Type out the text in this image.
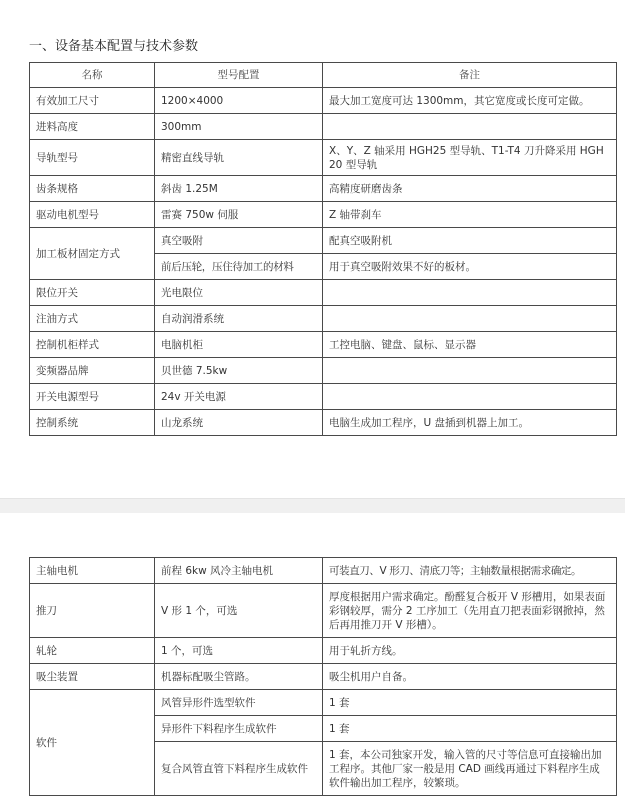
一、设备基本配置与技术参数
名称	型号配置	备注
有效加工尺寸	1200×4000	最大加工宽度可达 1300mm，其它宽度或长度可定做。
进料高度	300mm	
导轨型号	精密直线导轨	X、Y、Z 轴采用 HGH25 型导轨、T1-T4 刀升降采用 HGH20 型导轨
齿条规格	斜齿 1.25M	高精度研磨齿条
驱动电机型号	雷赛 750w 伺服	Z 轴带刹车
加工板材固定方式	真空吸附	配真空吸附机
	前后压轮，压住待加工的材料	用于真空吸附效果不好的板材。
限位开关	光电限位	
注油方式	自动润滑系统	
控制机柜样式	电脑机柜	工控电脑、键盘、鼠标、显示器
变频器品牌	贝世德 7.5kw	
开关电源型号	24v 开关电源	
控制系统	山龙系统	电脑生成加工程序，U 盘插到机器上加工。
主轴电机	前程 6kw 风冷主轴电机	可装直刀、V 形刀、清底刀等；主轴数量根据需求确定。
推刀	V 形 1 个，可选	厚度根据用户需求确定。酚醛复合板开 V 形槽用，如果表面彩钢较厚，需分 2 工序加工（先用直刀把表面彩钢掀掉，然后再用推刀开 V 形槽）。
轧轮	1 个，可选	用于轧折方线。
吸尘装置	机器标配吸尘管路。	吸尘机用户自备。
软件	风管异形件选型软件	1 套
	异形件下料程序生成软件	1 套
	复合风管直管下料程序生成软件	1 套，本公司独家开发，输入管的尺寸等信息可直接输出加工程序。其他厂家一般是用 CAD 画线再通过下料程序生成软件输出加工程序，较繁琐。
